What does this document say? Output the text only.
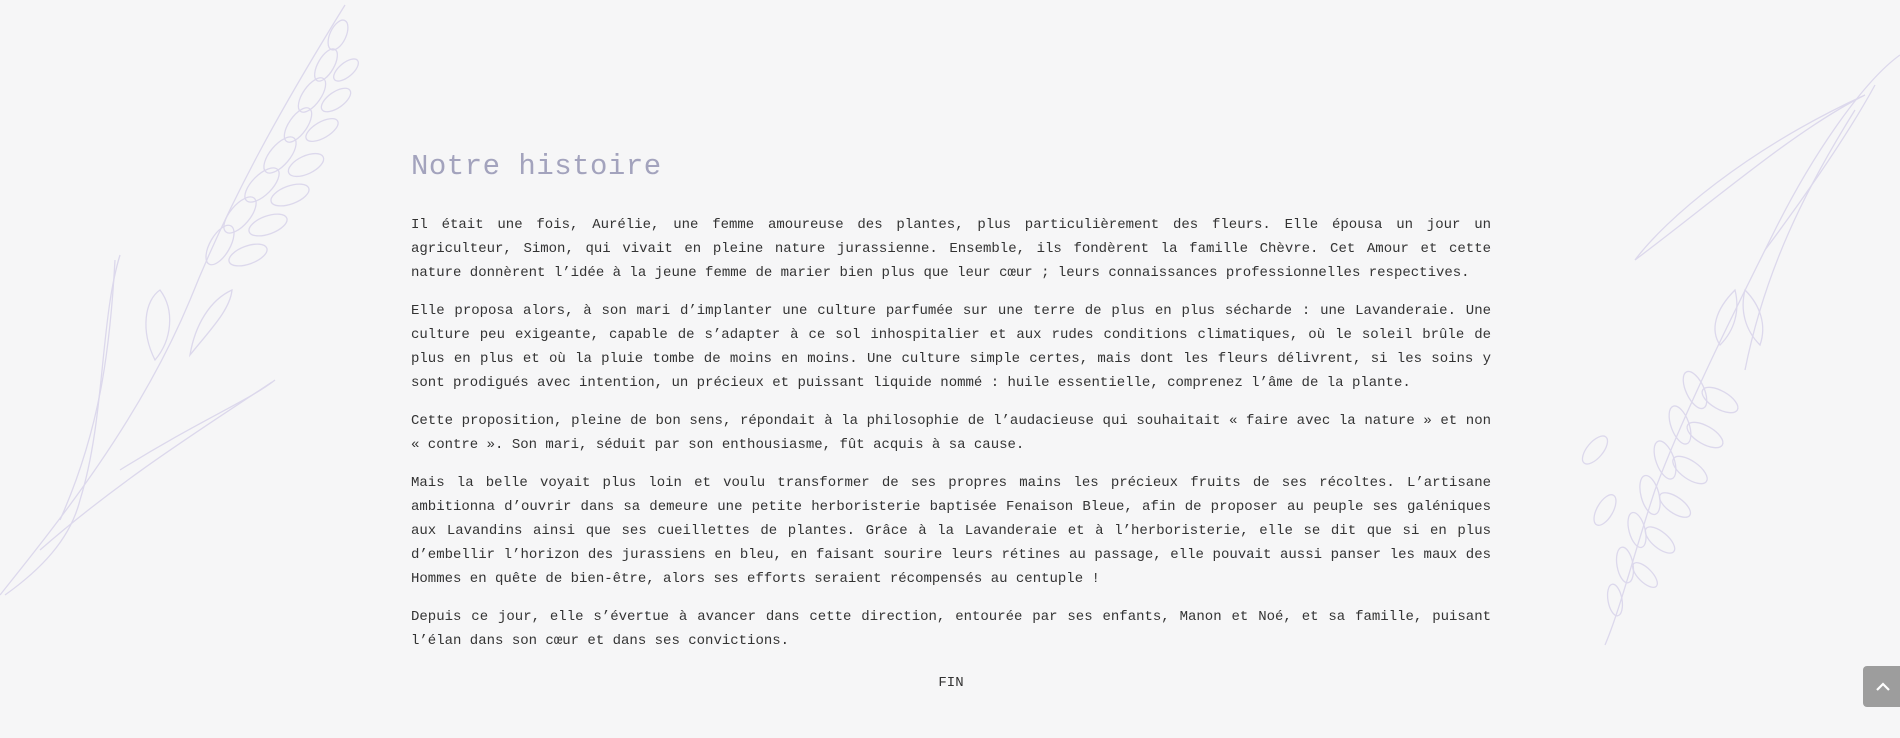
Notre histoire

Il était une fois, Aurélie, une femme amoureuse des plantes, plus particulièrement des fleurs. Elle épousa un jour un agriculteur, Simon, qui vivait en pleine nature jurassienne. Ensemble, ils fondèrent la famille Chèvre. Cet Amour et cette nature donnèrent l’idée à la jeune femme de marier bien plus que leur cœur ; leurs connaissances professionnelles respectives.

Elle proposa alors, à son mari d’implanter une culture parfumée sur une terre de plus en plus sécharde : une Lavanderaie. Une culture peu exigeante, capable de s’adapter à ce sol inhospitalier et aux rudes conditions climatiques, où le soleil brûle de plus en plus et où la pluie tombe de moins en moins. Une culture simple certes, mais dont les fleurs délivrent, si les soins y sont prodigués avec intention, un précieux et puissant liquide nommé : huile essentielle, comprenez l’âme de la plante.

Cette proposition, pleine de bon sens, répondait à la philosophie de l’audacieuse qui souhaitait « faire avec la nature » et non « contre ». Son mari, séduit par son enthousiasme, fût acquis à sa cause.

Mais la belle voyait plus loin et voulu transformer de ses propres mains les précieux fruits de ses récoltes. L’artisane ambitionna d’ouvrir dans sa demeure une petite herboristerie baptisée Fenaison Bleue, afin de proposer au peuple ses galéniques aux Lavandins ainsi que ses cueillettes de plantes. Grâce à la Lavanderaie et à l’herboristerie, elle se dit que si en plus d’embellir l’horizon des jurassiens en bleu, en faisant sourire leurs rétines au passage, elle pouvait aussi panser les maux des Hommes en quête de bien-être, alors ses efforts seraient récompensés au centuple !

Depuis ce jour, elle s’évertue à avancer dans cette direction, entourée par ses enfants, Manon et Noé, et sa famille, puisant l’élan dans son cœur et dans ses convictions.

FIN
